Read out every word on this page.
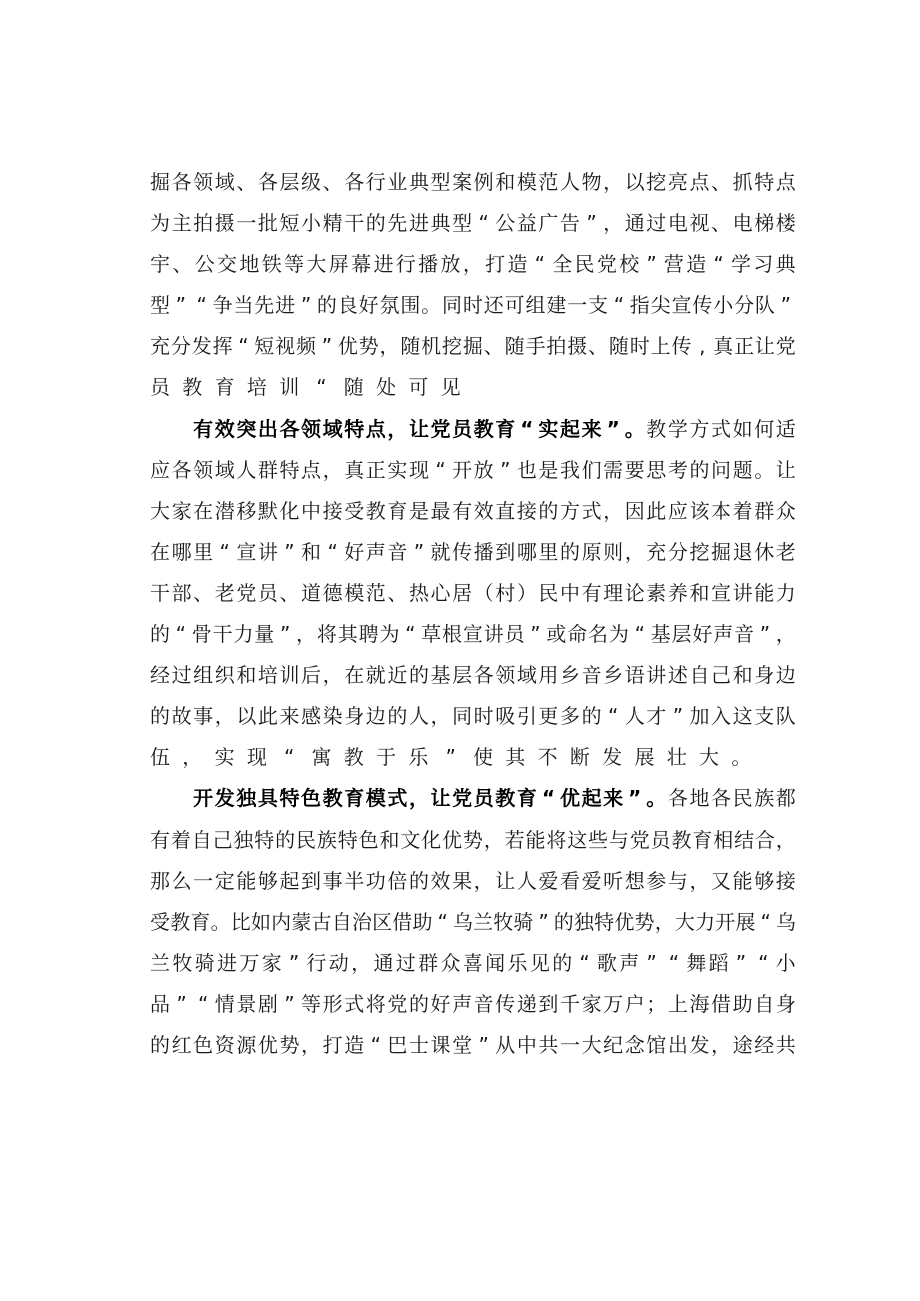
掘 各 领 域 、 各 层 级 、 各 行 业 典 型 案 例 和 模 范 人 物 ， 以 挖 亮 点 、 抓 特 点
为 主 拍 摄 一 批 短 小 精 干 的 先 进 典 型 “ 公 益 广 告 ” ， 通 过 电 视 、 电 梯 楼
宇 、 公 交 地 铁 等 大 屏 幕 进 行 播 放 ， 打 造 “ 全 民 党 校 ” 营 造 “ 学 习 典
型 ” “ 争 当 先 进 ” 的 良 好 氛 围 。 同 时 还 可 组 建 一 支 “ 指 尖 宣 传 小 分 队 ”
充 分 发 挥 “ 短 视 频 ” 优 势 ， 随 机 挖 掘 、 随 手 拍 摄 、 随 时 上 传 , 真 正 让 党
员 教 育 培 训 “ 随 处 可 见

有 效 突 出 各 领 域 特 点 ， 让 党 员 教 育 “ 实 起 来 ” 。 教 学 方 式 如 何 适
应 各 领 域 人 群 特 点 ， 真 正 实 现 “ 开 放 ” 也 是 我 们 需 要 思 考 的 问 题 。 让
大 家 在 潜 移 默 化 中 接 受 教 育 是 最 有 效 直 接 的 方 式 ， 因 此 应 该 本 着 群 众
在 哪 里 “ 宣 讲 ” 和 “ 好 声 音 ” 就 传 播 到 哪 里 的 原 则 ， 充 分 挖 掘 退 休 老
干 部 、 老 党 员 、 道 德 模 范 、 热 心 居 （ 村 ） 民 中 有 理 论 素 养 和 宣 讲 能 力
的 “ 骨 干 力 量 ” ， 将 其 聘 为 “ 草 根 宣 讲 员 ” 或 命 名 为 “ 基 层 好 声 音 ” ，
经 过 组 织 和 培 训 后 ， 在 就 近 的 基 层 各 领 域 用 乡 音 乡 语 讲 述 自 己 和 身 边
的 故 事 ， 以 此 来 感 染 身 边 的 人 ， 同 时 吸 引 更 多 的 “ 人 才 ” 加 入 这 支 队
伍 ， 实 现 “ 寓 教 于 乐 ” 使 其 不 断 发 展 壮 大 。

开 发 独 具 特 色 教 育 模 式 ， 让 党 员 教 育 “ 优 起 来 ” 。 各 地 各 民 族 都
有 着 自 己 独 特 的 民 族 特 色 和 文 化 优 势 ， 若 能 将 这 些 与 党 员 教 育 相 结 合 ，
那 么 一 定 能 够 起 到 事 半 功 倍 的 效 果 ， 让 人 爱 看 爱 听 想 参 与 ， 又 能 够 接
受 教 育 。 比 如 内 蒙 古 自 治 区 借 助 “ 乌 兰 牧 骑 ” 的 独 特 优 势 ， 大 力 开 展 “ 乌
兰 牧 骑 进 万 家 ” 行 动 ， 通 过 群 众 喜 闻 乐 见 的 “ 歌 声 ” “ 舞 蹈 ” “ 小
品 ” “ 情 景 剧 ” 等 形 式 将 党 的 好 声 音 传 递 到 千 家 万 户 ； 上 海 借 助 自 身
的 红 色 资 源 优 势 ， 打 造 “ 巴 士 课 堂 ” 从 中 共 一 大 纪 念 馆 出 发 ， 途 经 共
